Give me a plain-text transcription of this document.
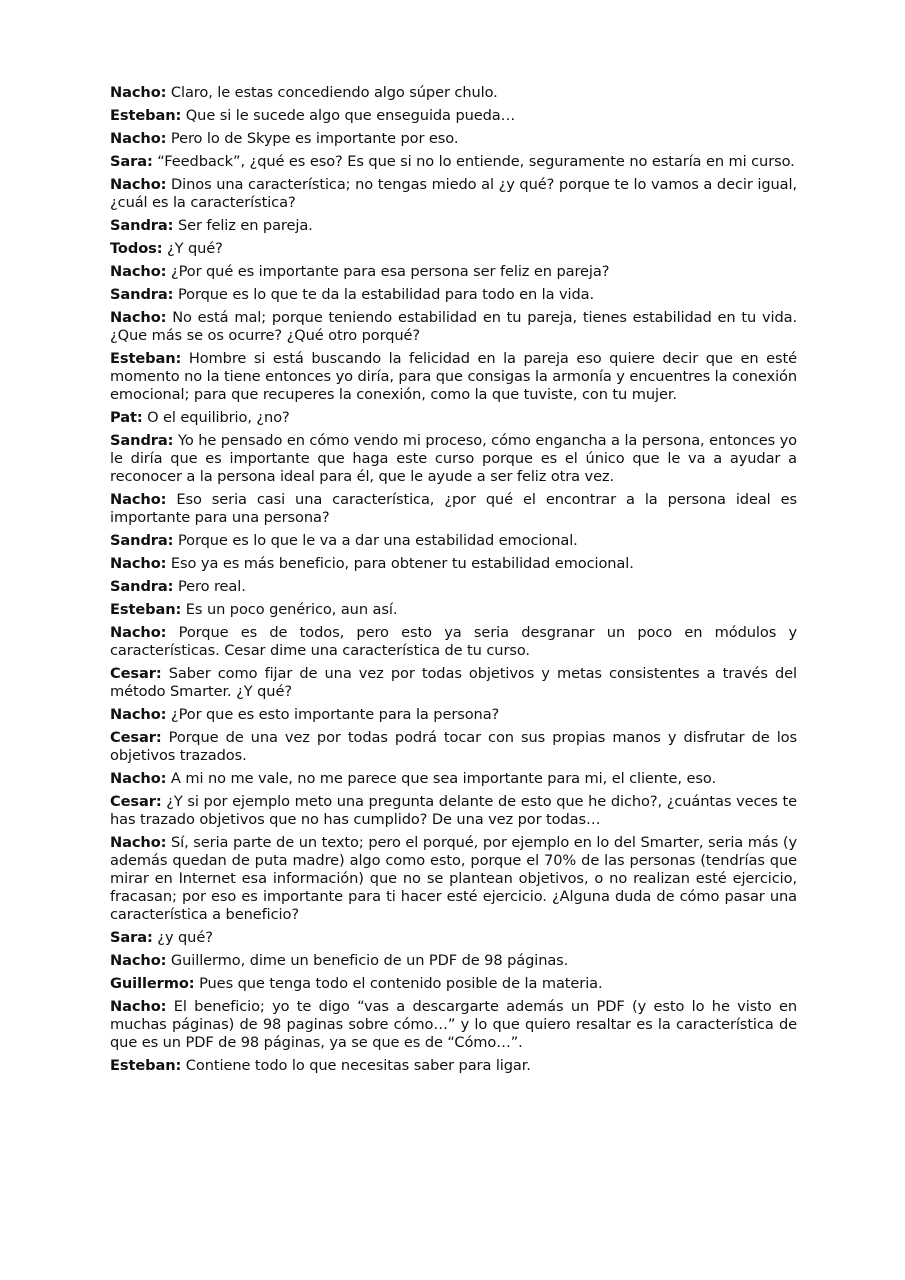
Nacho: Claro, le estas concediendo algo súper chulo.

Esteban: Que si le sucede algo que enseguida pueda…

Nacho: Pero lo de Skype es importante por eso.

Sara: “Feedback”, ¿qué es eso? Es que si no lo entiende, seguramente no estaría en mi curso.

Nacho: Dinos una característica; no tengas miedo al ¿y qué? porque te lo vamos a decir igual, ¿cuál es la característica?

Sandra: Ser feliz en pareja.

Todos: ¿Y qué?

Nacho: ¿Por qué es importante para esa persona ser feliz en pareja?

Sandra: Porque es lo que te da la estabilidad para todo en la vida.

Nacho: No está mal; porque teniendo estabilidad en tu pareja, tienes estabilidad en tu vida. ¿Que más se os ocurre? ¿Qué otro porqué?

Esteban: Hombre si está buscando la felicidad en la pareja eso quiere decir que en esté momento no la tiene entonces yo diría, para que consigas la armonía y encuentres la conexión emocional; para que recuperes la conexión, como la que tuviste, con tu mujer.

Pat: O el equilibrio, ¿no?

Sandra: Yo he pensado en cómo vendo mi proceso, cómo engancha a la persona, entonces yo le diría que es importante que haga este curso porque es el único que le va a ayudar a reconocer a la persona ideal para él, que le ayude a ser feliz otra vez.

Nacho: Eso seria casi una característica, ¿por qué el encontrar a la persona ideal es importante para una persona?

Sandra: Porque es lo que le va a dar una estabilidad emocional.

Nacho: Eso ya es más beneficio, para obtener tu estabilidad emocional.

Sandra: Pero real.

Esteban: Es un poco genérico, aun así.

Nacho: Porque es de todos, pero esto ya seria desgranar un poco en módulos y características. Cesar dime una característica de tu curso.

Cesar: Saber como fijar de una vez por todas objetivos y metas consistentes a través del método Smarter. ¿Y qué?

Nacho: ¿Por que es esto importante para la persona?

Cesar: Porque de una vez por todas podrá tocar con sus propias manos y disfrutar de los objetivos trazados.

Nacho: A mi no me vale, no me parece que sea importante para mi, el cliente, eso.

Cesar: ¿Y si por ejemplo meto una pregunta delante de esto que he dicho?, ¿cuántas veces te has trazado objetivos que no has cumplido? De una vez por todas…

Nacho: Sí, seria parte de un texto; pero el porqué, por ejemplo en lo del Smarter, seria más (y además quedan de puta madre) algo como esto, porque el 70% de las personas (tendrías que mirar en Internet esa información) que no se plantean objetivos, o no realizan esté ejercicio, fracasan; por eso es importante para ti hacer esté ejercicio. ¿Alguna duda de cómo pasar una característica a beneficio?

Sara: ¿y qué?

Nacho: Guillermo, dime un beneficio de un PDF de 98 páginas.

Guillermo: Pues que tenga todo el contenido posible de la materia.

Nacho: El beneficio; yo te digo “vas a descargarte además un PDF (y esto lo he visto en muchas páginas) de 98 paginas sobre cómo…” y lo que quiero resaltar es la característica de que es un PDF de 98 páginas, ya se que es de “Cómo…”.

Esteban: Contiene todo lo que necesitas saber para ligar.
